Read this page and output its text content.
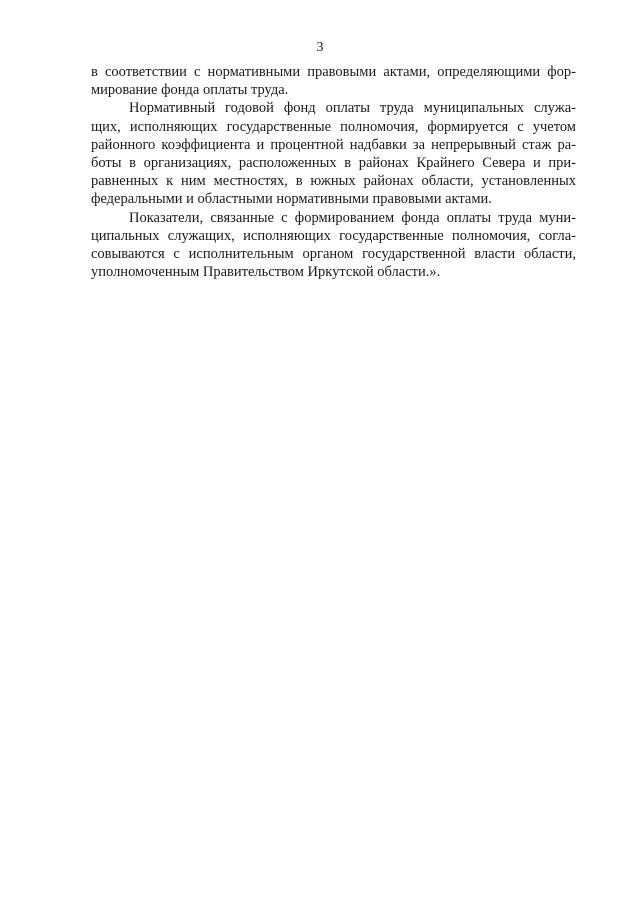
3

в соответствии с нормативными правовыми актами, определяющими фор-
мирование фонда оплаты труда.

Нормативный годовой фонд оплаты труда муниципальных служа-
щих, исполняющих государственные полномочия, формируется с учетом
районного коэффициента и процентной надбавки за непрерывный стаж ра-
боты в организациях, расположенных в районах Крайнего Севера и при-
равненных к ним местностях, в южных районах области, установленных
федеральными и областными нормативными правовыми актами.

Показатели, связанные с формированием фонда оплаты труда муни-
ципальных служащих, исполняющих государственные полномочия, согла-
совываются с исполнительным органом государственной власти области,
уполномоченным Правительством Иркутской области.».
